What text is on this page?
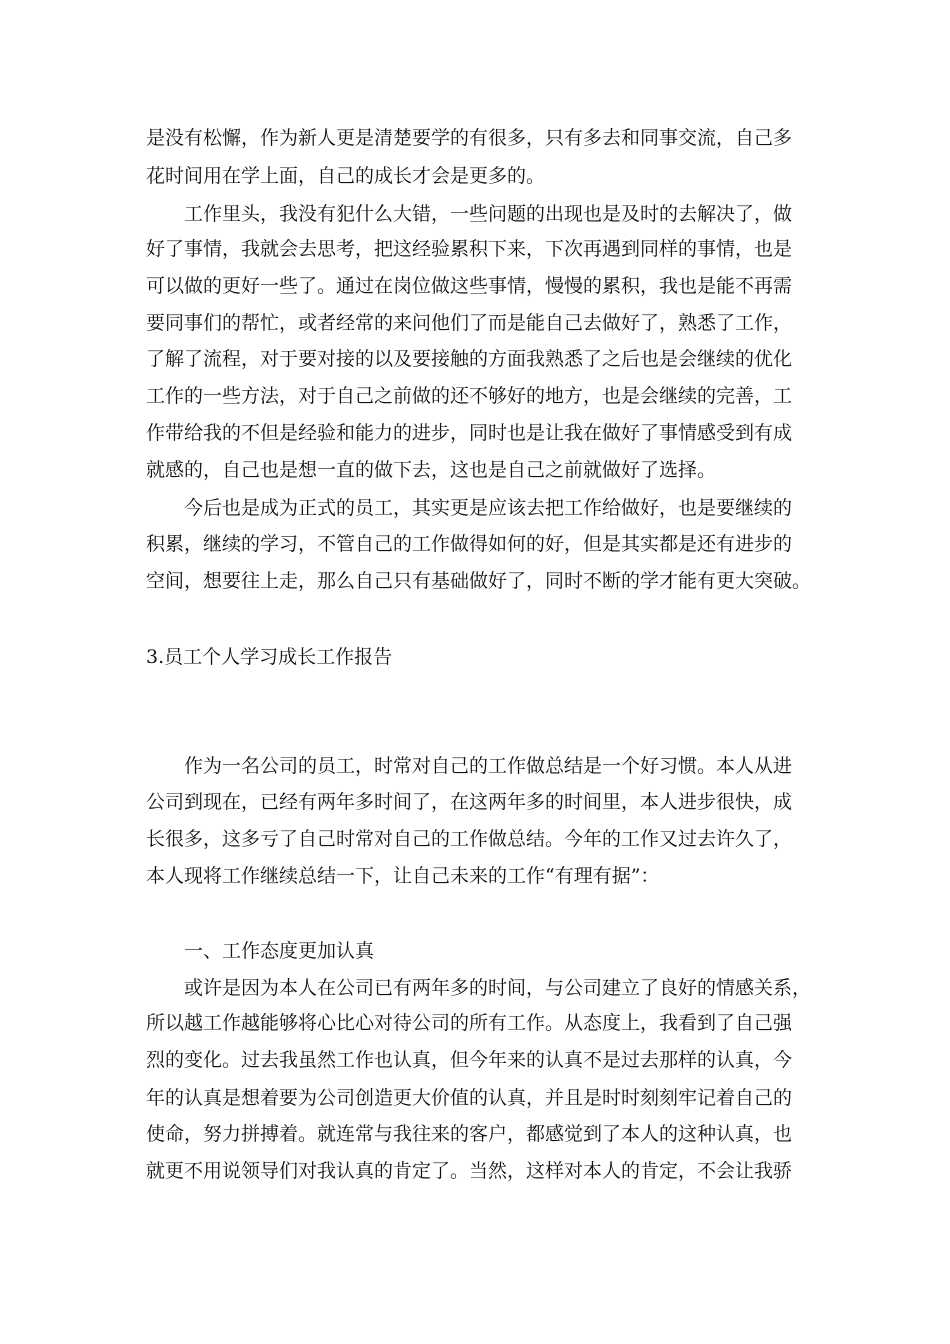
是没有松懈，作为新人更是清楚要学的有很多，只有多去和同事交流，自己多
花时间用在学上面，自己的成长才会是更多的。
工作里头，我没有犯什么大错，一些问题的出现也是及时的去解决了，做
好了事情，我就会去思考，把这经验累积下来，下次再遇到同样的事情，也是
可以做的更好一些了。通过在岗位做这些事情，慢慢的累积，我也是能不再需
要同事们的帮忙，或者经常的来问他们了而是能自己去做好了，熟悉了工作，
了解了流程，对于要对接的以及要接触的方面我熟悉了之后也是会继续的优化
工作的一些方法，对于自己之前做的还不够好的地方，也是会继续的完善，工
作带给我的不但是经验和能力的进步，同时也是让我在做好了事情感受到有成
就感的，自己也是想一直的做下去，这也是自己之前就做好了选择。
今后也是成为正式的员工，其实更是应该去把工作给做好，也是要继续的
积累，继续的学习，不管自己的工作做得如何的好，但是其实都是还有进步的
空间，想要往上走，那么自己只有基础做好了，同时不断的学才能有更大突破。
3.员工个人学习成长工作报告
作为一名公司的员工，时常对自己的工作做总结是一个好习惯。本人从进
公司到现在，已经有两年多时间了，在这两年多的时间里，本人进步很快，成
长很多，这多亏了自己时常对自己的工作做总结。今年的工作又过去许久了，
本人现将工作继续总结一下，让自己未来的工作“有理有据”：
一、工作态度更加认真
或许是因为本人在公司已有两年多的时间，与公司建立了良好的情感关系，
所以越工作越能够将心比心对待公司的所有工作。从态度上，我看到了自己强
烈的变化。过去我虽然工作也认真，但今年来的认真不是过去那样的认真，今
年的认真是想着要为公司创造更大价值的认真，并且是时时刻刻牢记着自己的
使命，努力拼搏着。就连常与我往来的客户，都感觉到了本人的这种认真，也
就更不用说领导们对我认真的肯定了。当然，这样对本人的肯定，不会让我骄
